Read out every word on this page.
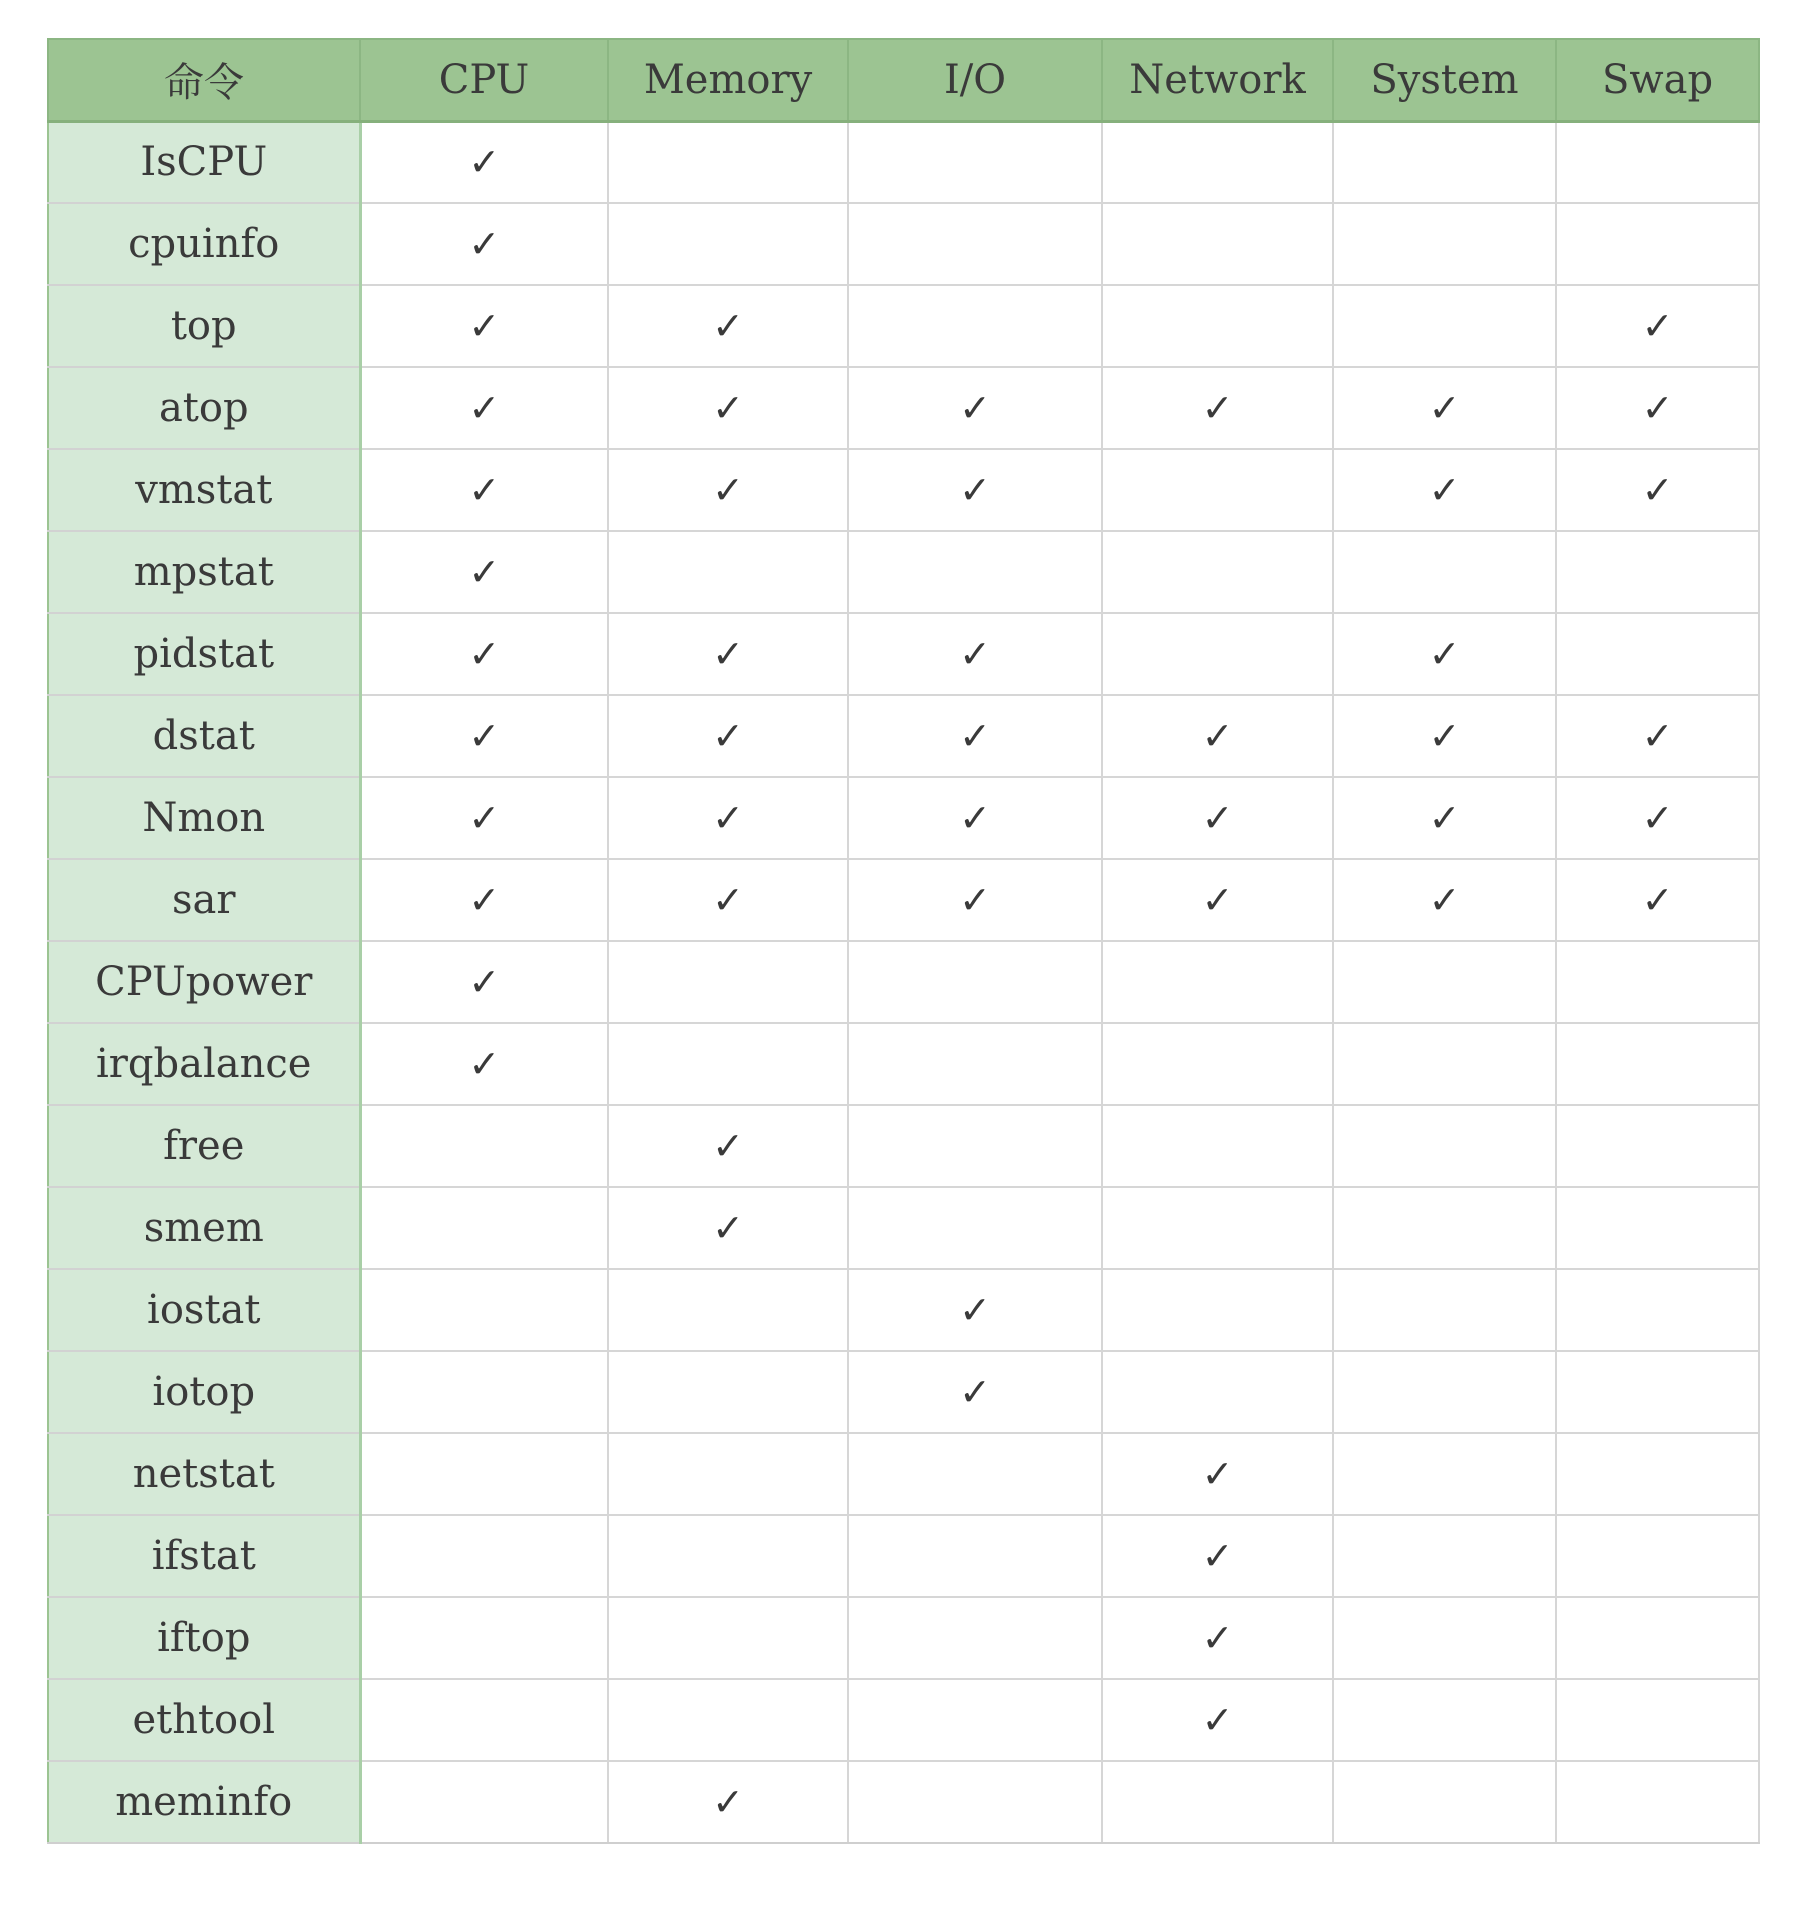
命令	CPU	Memory	I/O	Network	System	Swap
IsCPU	✓					
cpuinfo	✓					
top	✓	✓				✓
atop	✓	✓	✓	✓	✓	✓
vmstat	✓	✓	✓		✓	✓
mpstat	✓					
pidstat	✓	✓	✓		✓	
dstat	✓	✓	✓	✓	✓	✓
Nmon	✓	✓	✓	✓	✓	✓
sar	✓	✓	✓	✓	✓	✓
CPUpower	✓					
irqbalance	✓					
free		✓				
smem		✓				
iostat			✓			
iotop			✓			
netstat				✓		
ifstat				✓		
iftop				✓		
ethtool				✓		
meminfo		✓				
